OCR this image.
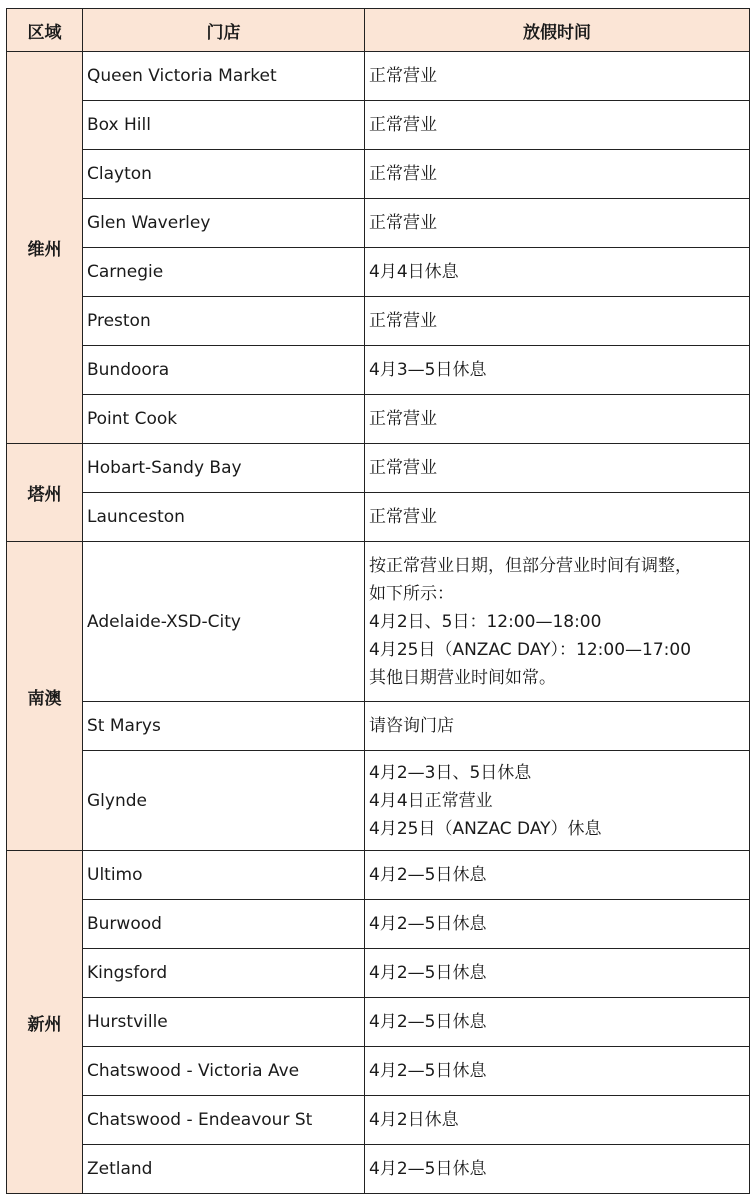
区域	门店	放假时间
维州	Queen Victoria Market	正常营业

	Box Hill	正常营业

	Clayton	正常营业

	Glen Waverley	正常营业

	Carnegie	4月4日休息

	Preston	正常营业

	Bundoora	4月3—5日休息

	Point Cook	正常营业

塔州	Hobart-Sandy Bay	正常营业

	Launceston	正常营业

南澳	Adelaide-XSD-City	按正常营业日期，但部分营业时间有调整，
如下所示：
4月2日、5日：12:00—18:00
4月25日（ANZAC DAY）：12:00—17:00
其他日期营业时间如常。

	St Marys	请咨询门店

	Glynde	4月2—3日、5日休息
4月4日正常营业
4月25日（ANZAC DAY）休息

新州	Ultimo	4月2—5日休息

	Burwood	4月2—5日休息

	Kingsford	4月2—5日休息

	Hurstville	4月2—5日休息

	Chatswood - Victoria Ave	4月2—5日休息

	Chatswood - Endeavour St	4月2日休息

	Zetland	4月2—5日休息
